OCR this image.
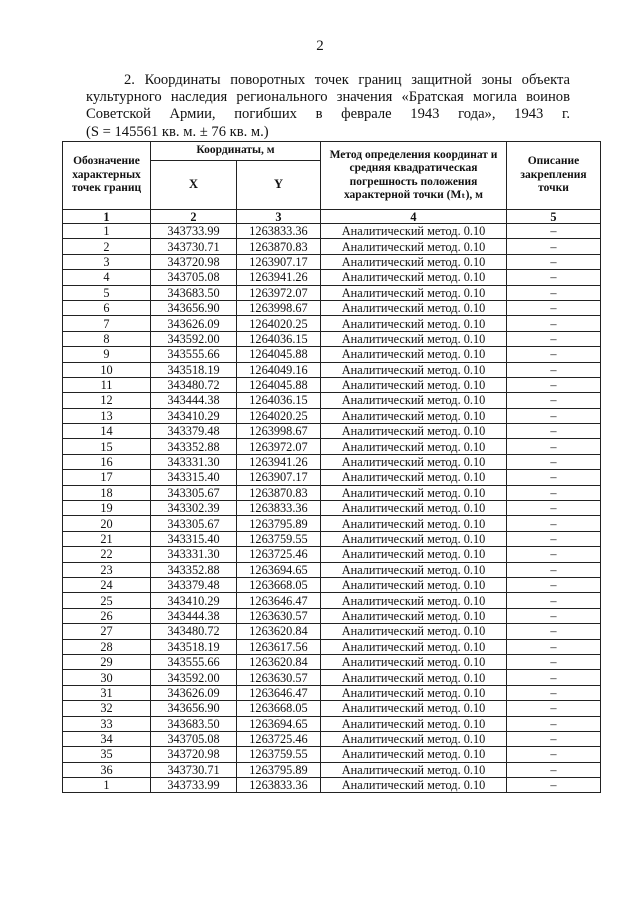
2
2. Координаты поворотных точек границ защитной зоны объекта
культурного наследия регионального значения «Братская могила воинов
Советской Армии, погибших в феврале 1943 года», 1943 г.
(S = 145561 кв. м. ± 76 кв. м.)
Обозначение характерных точек границ	Координаты, м		Метод определения координат и средняя квадратическая погрешность положения характерной точки (Mₜ), м	Описание закрепления точки
	X	Y		
1	2	3	4	5
1	343733.99	1263833.36	Аналитический метод. 0.10	–
2	343730.71	1263870.83	Аналитический метод. 0.10	–
3	343720.98	1263907.17	Аналитический метод. 0.10	–
4	343705.08	1263941.26	Аналитический метод. 0.10	–
5	343683.50	1263972.07	Аналитический метод. 0.10	–
6	343656.90	1263998.67	Аналитический метод. 0.10	–
7	343626.09	1264020.25	Аналитический метод. 0.10	–
8	343592.00	1264036.15	Аналитический метод. 0.10	–
9	343555.66	1264045.88	Аналитический метод. 0.10	–
10	343518.19	1264049.16	Аналитический метод. 0.10	–
11	343480.72	1264045.88	Аналитический метод. 0.10	–
12	343444.38	1264036.15	Аналитический метод. 0.10	–
13	343410.29	1264020.25	Аналитический метод. 0.10	–
14	343379.48	1263998.67	Аналитический метод. 0.10	–
15	343352.88	1263972.07	Аналитический метод. 0.10	–
16	343331.30	1263941.26	Аналитический метод. 0.10	–
17	343315.40	1263907.17	Аналитический метод. 0.10	–
18	343305.67	1263870.83	Аналитический метод. 0.10	–
19	343302.39	1263833.36	Аналитический метод. 0.10	–
20	343305.67	1263795.89	Аналитический метод. 0.10	–
21	343315.40	1263759.55	Аналитический метод. 0.10	–
22	343331.30	1263725.46	Аналитический метод. 0.10	–
23	343352.88	1263694.65	Аналитический метод. 0.10	–
24	343379.48	1263668.05	Аналитический метод. 0.10	–
25	343410.29	1263646.47	Аналитический метод. 0.10	–
26	343444.38	1263630.57	Аналитический метод. 0.10	–
27	343480.72	1263620.84	Аналитический метод. 0.10	–
28	343518.19	1263617.56	Аналитический метод. 0.10	–
29	343555.66	1263620.84	Аналитический метод. 0.10	–
30	343592.00	1263630.57	Аналитический метод. 0.10	–
31	343626.09	1263646.47	Аналитический метод. 0.10	–
32	343656.90	1263668.05	Аналитический метод. 0.10	–
33	343683.50	1263694.65	Аналитический метод. 0.10	–
34	343705.08	1263725.46	Аналитический метод. 0.10	–
35	343720.98	1263759.55	Аналитический метод. 0.10	–
36	343730.71	1263795.89	Аналитический метод. 0.10	–
1	343733.99	1263833.36	Аналитический метод. 0.10	–
